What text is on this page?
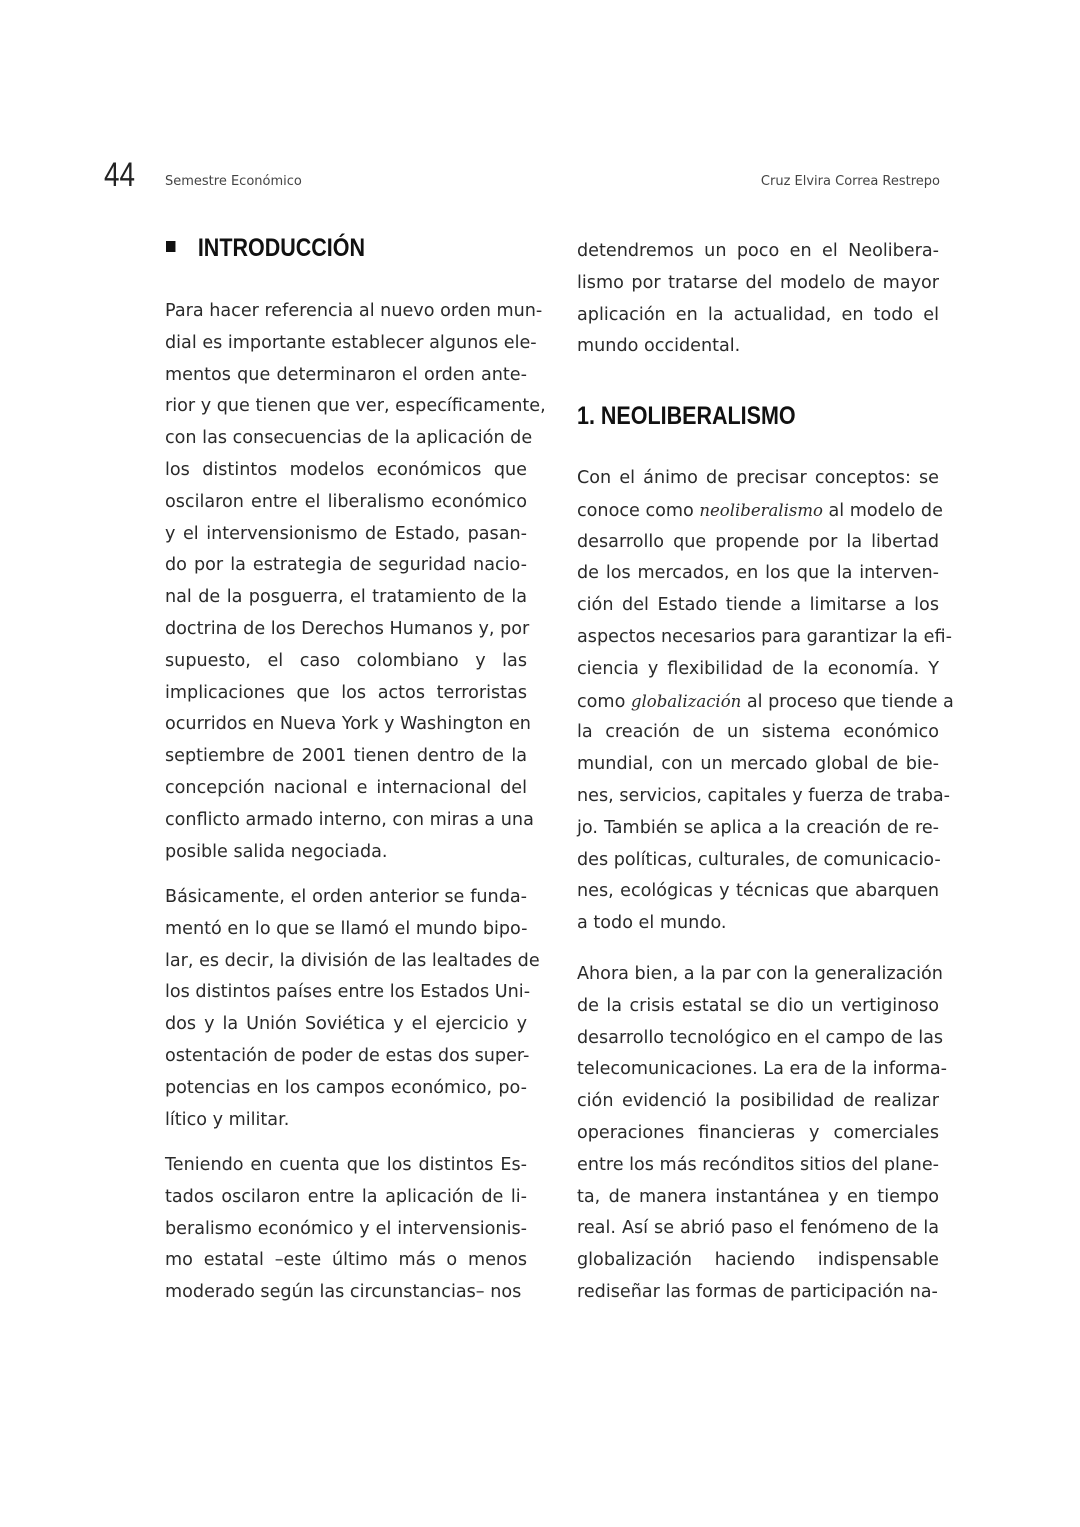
44 Semestre Económico	Cruz Elvira Correa Restrepo
INTRODUCCIÓN
1. NEOLIBERALISMO
Para hacer referencia al nuevo orden mun-
dial es importante establecer algunos ele-
mentos que determinaron el orden ante-
rior y que tienen que ver, específicamente,
con las consecuencias de la aplicación de
los distintos modelos económicos que
oscilaron entre el liberalismo económico
y el intervensionismo de Estado, pasan-
do por la estrategia de seguridad nacio-
nal de la posguerra, el tratamiento de la
doctrina de los Derechos Humanos y, por
supuesto, el caso colombiano y las
implicaciones que los actos terroristas
ocurridos en Nueva York y Washington en
septiembre de 2001 tienen dentro de la
concepción nacional e internacional del
conflicto armado interno, con miras a una
posible salida negociada.
Básicamente, el orden anterior se funda-
mentó en lo que se llamó el mundo bipo-
lar, es decir, la división de las lealtades de
los distintos países entre los Estados Uni-
dos y la Unión Soviética y el ejercicio y
ostentación de poder de estas dos super-
potencias en los campos económico, po-
lítico y militar.
Teniendo en cuenta que los distintos Es-
tados oscilaron entre la aplicación de li-
beralismo económico y el intervensionis-
mo estatal –este último más o menos
moderado según las circunstancias– nos
detendremos un poco en el Neolibera-
lismo por tratarse del modelo de mayor
aplicación en la actualidad, en todo el
mundo occidental.
Con el ánimo de precisar conceptos: se
conoce como neoliberalismo al modelo de
desarrollo que propende por la libertad
de los mercados, en los que la interven-
ción del Estado tiende a limitarse a los
aspectos necesarios para garantizar la efi-
ciencia y flexibilidad de la economía. Y
como globalización al proceso que tiende a
la creación de un sistema económico
mundial, con un mercado global de bie-
nes, servicios, capitales y fuerza de traba-
jo. También se aplica a la creación de re-
des políticas, culturales, de comunicacio-
nes, ecológicas y técnicas que abarquen
a todo el mundo.
Ahora bien, a la par con la generalización
de la crisis estatal se dio un vertiginoso
desarrollo tecnológico en el campo de las
telecomunicaciones. La era de la informa-
ción evidenció la posibilidad de realizar
operaciones financieras y comerciales
entre los más recónditos sitios del plane-
ta, de manera instantánea y en tiempo
real. Así se abrió paso el fenómeno de la
globalización haciendo indispensable
rediseñar las formas de participación na-
